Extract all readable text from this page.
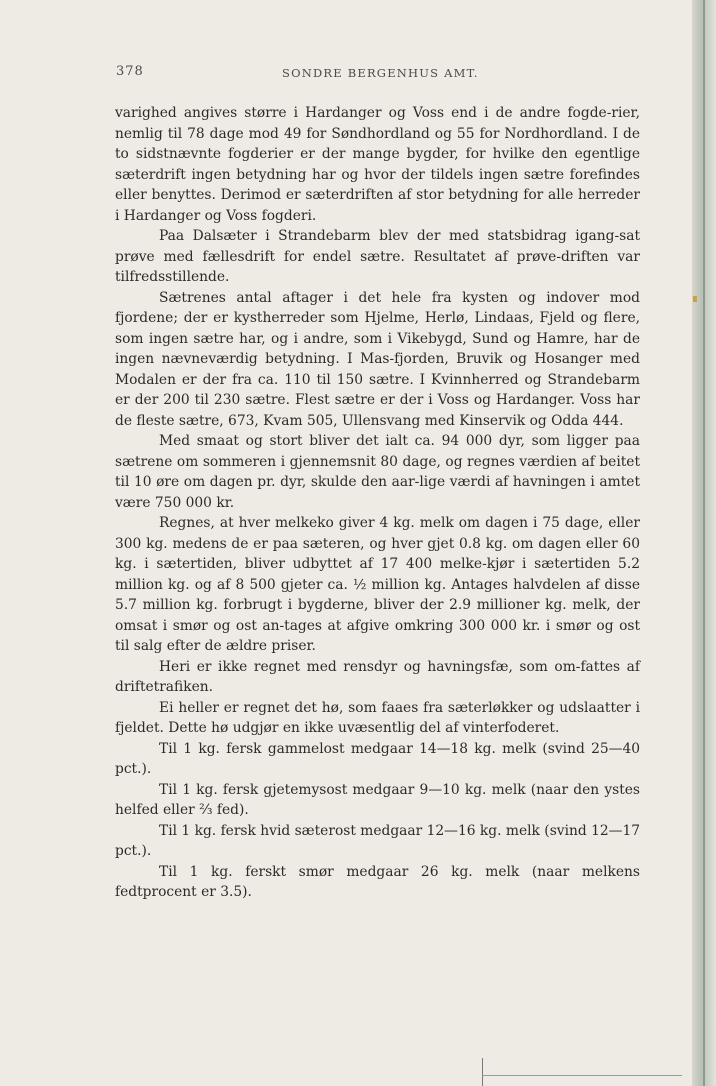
378	SONDRE BERGENHUS AMT.

varighed angives større i Hardanger og Voss end i de andre fogde-rier, nemlig til 78 dage mod 49 for Søndhordland og 55 for Nordhordland. I de to sidstnævnte fogderier er der mange bygder, for hvilke den egentlige sæterdrift ingen betydning har og hvor der tildels ingen sætre forefindes eller benyttes. Derimod er sæterdriften af stor betydning for alle herreder i Hardanger og Voss fogderi.

Paa Dalsæter i Strandebarm blev der med statsbidrag igang-sat prøve med fællesdrift for endel sætre. Resultatet af prøve-driften var tilfredsstillende.

Sætrenes antal aftager i det hele fra kysten og indover mod fjordene; der er kystherreder som Hjelme, Herlø, Lindaas, Fjeld og flere, som ingen sætre har, og i andre, som i Vikebygd, Sund og Hamre, har de ingen nævneværdig betydning. I Mas-fjorden, Bruvik og Hosanger med Modalen er der fra ca. 110 til 150 sætre. I Kvinnherred og Strandebarm er der 200 til 230 sætre. Flest sætre er der i Voss og Hardanger. Voss har de fleste sætre, 673, Kvam 505, Ullensvang med Kinservik og Odda 444.

Med smaat og stort bliver det ialt ca. 94 000 dyr, som ligger paa sætrene om sommeren i gjennemsnit 80 dage, og regnes værdien af beitet til 10 øre om dagen pr. dyr, skulde den aar-lige værdi af havningen i amtet være 750 000 kr.

Regnes, at hver melkeko giver 4 kg. melk om dagen i 75 dage, eller 300 kg. medens de er paa sæteren, og hver gjet 0.8 kg. om dagen eller 60 kg. i sætertiden, bliver udbyttet af 17 400 melke-kjør i sætertiden 5.2 million kg. og af 8 500 gjeter ca. ½ million kg. Antages halvdelen af disse 5.7 million kg. forbrugt i bygderne, bliver der 2.9 millioner kg. melk, der omsat i smør og ost an-tages at afgive omkring 300 000 kr. i smør og ost til salg efter de ældre priser.

Heri er ikke regnet med rensdyr og havningsfæ, som om-fattes af driftetrafiken.

Ei heller er regnet det hø, som faaes fra sæterløkker og udslaatter i fjeldet. Dette hø udgjør en ikke uvæsentlig del af vinterfoderet.

Til 1 kg. fersk gammelost medgaar 14—18 kg. melk (svind 25—40 pct.).

Til 1 kg. fersk gjetemysost medgaar 9—10 kg. melk (naar den ystes helfed eller ⅔ fed).

Til 1 kg. fersk hvid sæterost medgaar 12—16 kg. melk (svind 12—17 pct.).

Til 1 kg. ferskt smør medgaar 26 kg. melk (naar melkens fedtprocent er 3.5).
